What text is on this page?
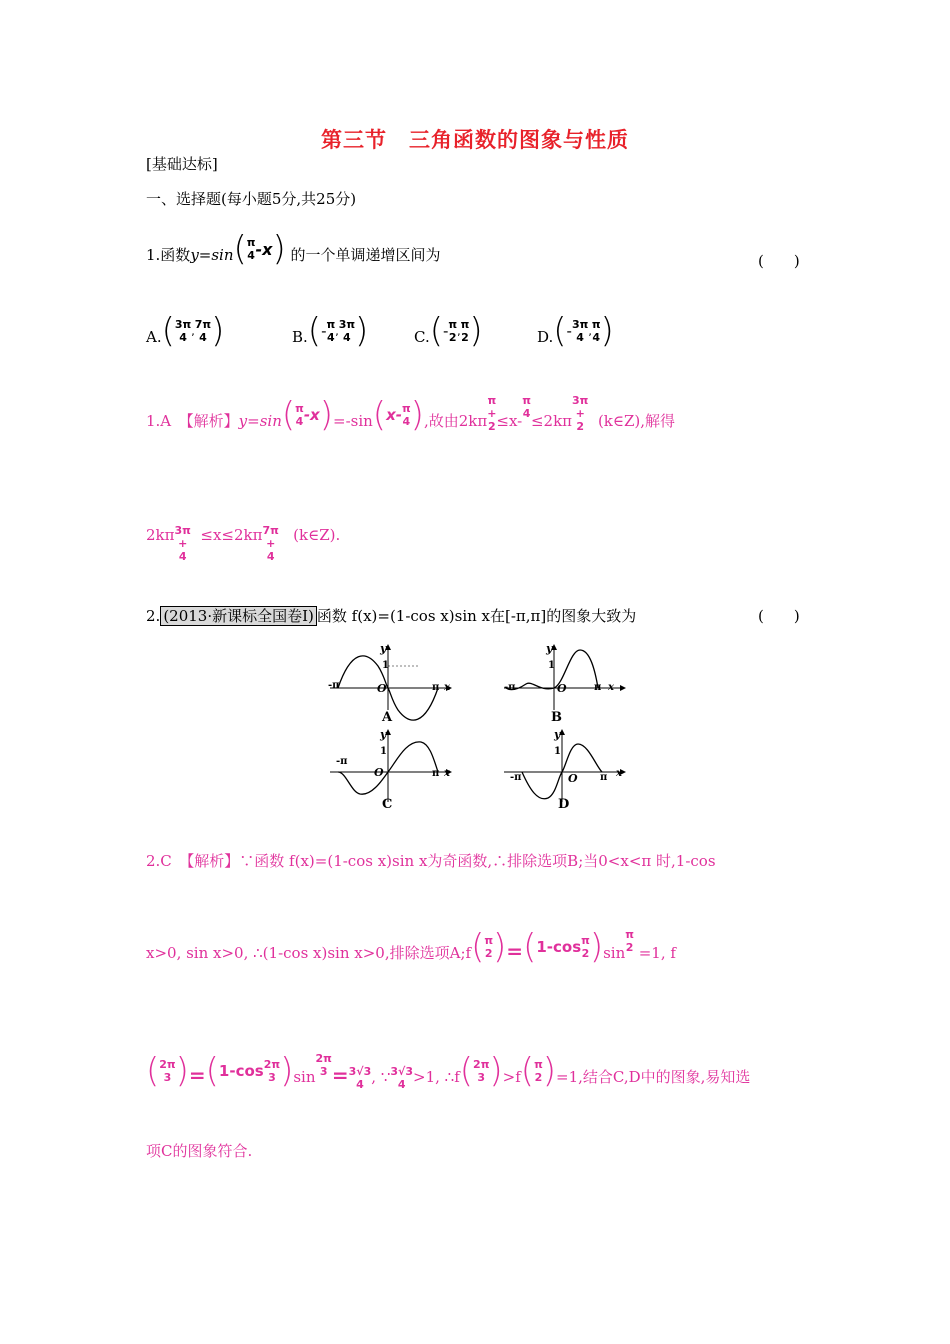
第三节　三角函数的图象与性质
[基础达标]
一、选择题(每小题5分,共25分)
1.函数y=sin ( π
4 -x ) 的一个单调递增区间为	(　　)
A. ( 3π
4 , 7π
4 )	B. ( - π
4 , 3π
4 )	C. ( - π
2 , π
2 )	D. ( - 3π
4 , π
4 )
1.A　【解析】y=sin ( π
4 -x ) =-sin ( x- π
4 ) ,故由2kπ
π
+
2 ≤x-
π
4 ≤2kπ
3π
+
2 (k∈Z),解得
2kπ 3π
+
4
≤x≤2kπ 7π
+
4
(k∈Z).
2. (2013·新课标全国卷Ⅰ) 函数 f(x)=(1-cos x)sin x在[-π,π]的图象大致为	(　　)
y
1
-π	O	π x
A
y
1
-π	O	π x
B
y
1
-π
O	π x
C
y
1
-π	O π x
D
2.C　【解析】∵函数 f(x)=(1-cos x)sin x为奇函数,∴排除选项B;当0<x<π 时,1-cos
x>0, sin x>0, ∴(1-cos x)sin x>0,排除选项A;f ( π
2 ) = ( 1-cos π
2 ) sin
π
2 =1, f
( 2π
3 ) = ( 1-cos 2π
3 ) sin
2π
3 = 3√3
4 , ∵ 3√3
4 >1, ∴f ( 2π
3 ) >f ( π
2 ) =1,结合C,D中的图象,易知选
项C的图象符合.
